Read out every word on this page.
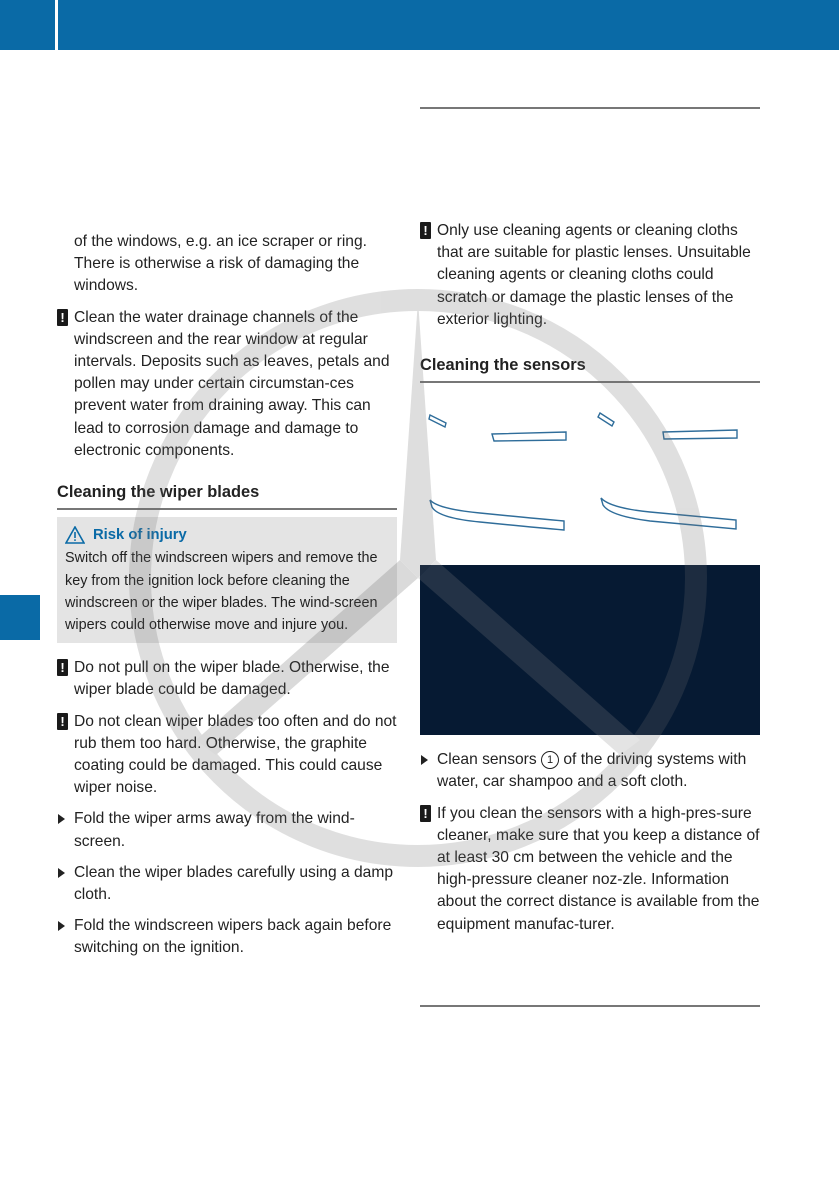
of the windows, e.g. an ice scraper or ring. There is otherwise a risk of damaging the windows.

! Clean the water drainage channels of the windscreen and the rear window at regular intervals. Deposits such as leaves, petals and pollen may under certain circumstan-ces prevent water from draining away. This can lead to corrosion damage and damage to electronic components.

Cleaning the wiper blades
Risk of injury

Switch off the windscreen wipers and remove the key from the ignition lock before cleaning the windscreen or the wiper blades. The wind-screen wipers could otherwise move and injure you.

! Do not pull on the wiper blade. Otherwise, the wiper blade could be damaged.

! Do not clean wiper blades too often and do not rub them too hard. Otherwise, the graphite coating could be damaged. This could cause wiper noise.

Fold the wiper arms away from the wind-screen.

Clean the wiper blades carefully using a damp cloth.

Fold the windscreen wipers back again before switching on the ignition.

! Only use cleaning agents or cleaning cloths that are suitable for plastic lenses. Unsuitable cleaning agents or cleaning cloths could scratch or damage the plastic lenses of the exterior lighting.

Cleaning the sensors

Clean sensors 1 of the driving systems with water, car shampoo and a soft cloth.

! If you clean the sensors with a high-pres-sure cleaner, make sure that you keep a distance of at least 30 cm between the vehicle and the high-pressure cleaner noz-zle. Information about the correct distance is available from the equipment manufac-turer.
